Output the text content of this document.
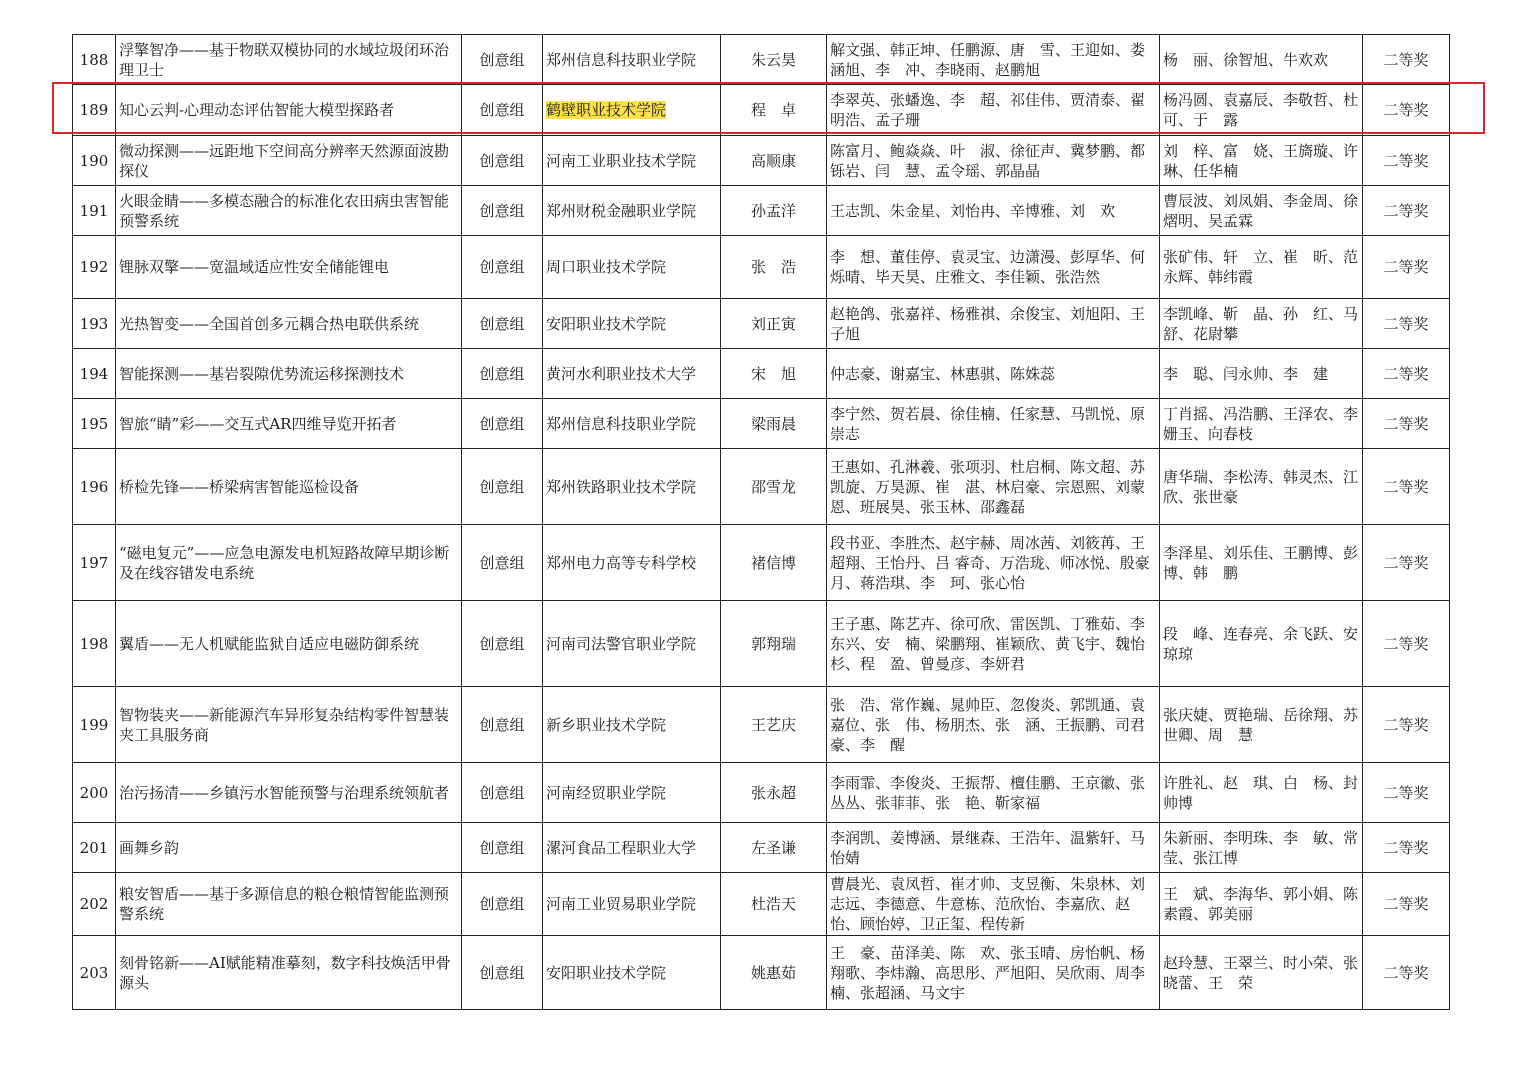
188	浮擎智净——基于物联双模协同的水域垃圾闭环治理卫士	创意组	郑州信息科技职业学院	朱云昊	解文强、韩正坤、任鹏源、唐　雪、王迎如、娄涵旭、李　冲、李晓雨、赵鹏旭	杨　丽、徐智旭、牛欢欢	二等奖
189	知心云判-心理动态评估智能大模型探路者	创意组	鹤壁职业技术学院	程　卓	李翠英、张蟠逸、李　超、祁佳伟、贾清泰、翟明浩、孟子珊	杨冯圆、袁嘉辰、李敬哲、杜　可、于　露	二等奖
190	微动探测——远距地下空间高分辨率天然源面波勘探仪	创意组	河南工业职业技术学院	高顺康	陈富月、鲍焱焱、叶　淑、徐征声、冀梦鹏、都铄岩、闫　慧、孟令瑶、郭晶晶	刘　梓、富　娆、王旖璇、许　琳、任华楠	二等奖
191	火眼金睛——多模态融合的标准化农田病虫害智能预警系统	创意组	郑州财税金融职业学院	孙孟洋	王志凯、朱金星、刘怡冉、辛博雅、刘　欢	曹辰波、刘凤娟、李金周、徐熠明、吴孟霖	二等奖
192	锂脉双擎——宽温域适应性安全储能锂电	创意组	周口职业技术学院	张　浩	李　想、董佳停、袁灵宝、边潇漫、彭厚华、何烁晴、毕天昊、庄雅文、李佳颖、张浩然	张矿伟、轩　立、崔　昕、范永辉、韩纬霞	二等奖
193	光热智变——全国首创多元耦合热电联供系统	创意组	安阳职业技术学院	刘正寅	赵艳鸽、张嘉祥、杨雅祺、余俊宝、刘旭阳、王子旭	李凯峰、靳　晶、孙　红、马　舒、花尉攀	二等奖
194	智能探测——基岩裂隙优势流运移探测技术	创意组	黄河水利职业技术大学	宋　旭	仲志豪、谢嘉宝、林惠骐、陈姝蕊	李　聪、闫永帅、李　建	二等奖
195	智旅“睛”彩——交互式AR四维导览开拓者	创意组	郑州信息科技职业学院	梁雨晨	李宁然、贺若晨、徐佳楠、任家慧、马凯悦、原崇志	丁肖摇、冯浩鹏、王泽农、李姗玉、向春枝	二等奖
196	桥检先锋——桥梁病害智能巡检设备	创意组	郑州铁路职业技术学院	邵雪龙	王惠如、孔淋羲、张项羽、杜启桐、陈文超、苏凯旋、万昊源、崔　湛、林启豪、宗恩熙、刘蒙恩、班展昊、张玉林、邵鑫磊	唐华瑞、李松涛、韩灵杰、江　欣、张世豪	二等奖
197	“磁电复元”——应急电源发电机短路故障早期诊断及在线容错发电系统	创意组	郑州电力高等专科学校	褚信博	段书亚、李胜杰、赵宇赫、周冰茜、刘筱苒、王超翔、王怡丹、吕 睿奇、万浩珑、师冰悦、殷豪月、蒋浩琪、李　珂、张心怡	李泽星、刘乐佳、王鹏博、彭　博、韩　鹏	二等奖
198	翼盾——无人机赋能监狱自适应电磁防御系统	创意组	河南司法警官职业学院	郭翔瑞	王子惠、陈艺卉、徐可欣、雷医凯、丁雅茹、李东兴、安　楠、梁鹏翔、崔颖欣、黄飞宇、魏怡杉、程　盈、曾曼彦、李妍君	段　峰、连春亮、余飞跃、安琼琼	二等奖
199	智物装夹——新能源汽车异形复杂结构零件智慧装夹工具服务商	创意组	新乡职业技术学院	王艺庆	张　浩、常作巍、晁帅臣、忽俊炎、郭凯通、袁嘉位、张　伟、杨朋杰、张　涵、王振鹏、司君豪、李　醒	张庆婕、贾艳瑞、岳徐翔、苏世卿、周　慧	二等奖
200	治污扬清——乡镇污水智能预警与治理系统领航者	创意组	河南经贸职业学院	张永超	李雨霏、李俊炎、王振帮、檀佳鹏、王京徽、张丛丛、张菲菲、张　艳、靳家福	许胜礼、赵　琪、白　杨、封帅博	二等奖
201	画舞乡韵	创意组	漯河食品工程职业大学	左圣谦	李润凯、姜博涵、景继森、王浩年、温紫轩、马怡婧	朱新丽、李明珠、李　敏、常　莹、张江博	二等奖
202	粮安智盾——基于多源信息的粮仓粮情智能监测预警系统	创意组	河南工业贸易职业学院	杜浩天	曹晨光、袁凤哲、崔才帅、支昱衡、朱泉林、刘志远、李德意、牛意栋、范欣怡、李嘉欣、赵　怡、顾怡婷、卫正玺、程传新	王　斌、李海华、郭小娟、陈素霞、郭美丽	二等奖
203	刻骨铭新——AI赋能精准摹刻，数字科技焕活甲骨源头	创意组	安阳职业技术学院	姚惠茹	王　豪、苗泽美、陈　欢、张玉晴、房怡帆、杨翔歌、李炜瀚、高思彤、严旭阳、吴欣雨、周李楠、张超涵、马文宇	赵玲慧、王翠兰、时小荣、张晓蕾、王　荣	二等奖
